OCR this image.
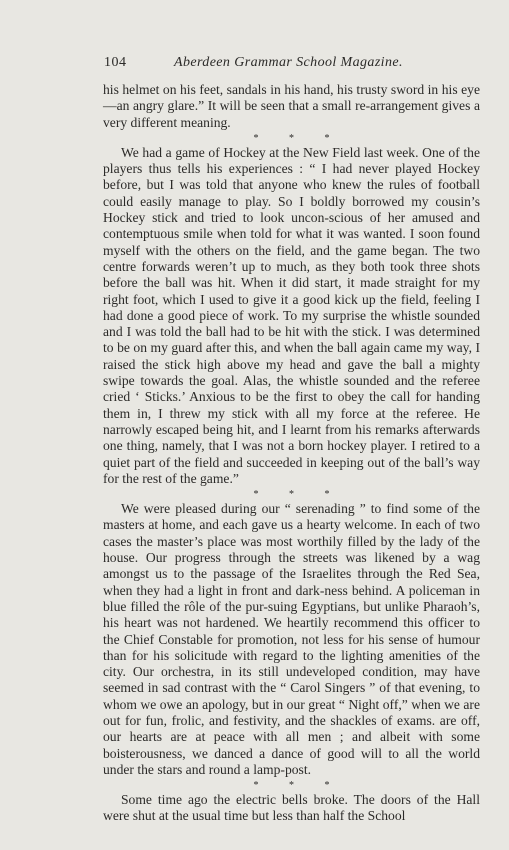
104	Aberdeen Grammar School Magazine.

his helmet on his feet, sandals in his hand, his trusty sword in his eye—an angry glare.” It will be seen that a small re-arrangement gives a very different meaning.

* * *

We had a game of Hockey at the New Field last week. One of the players thus tells his experiences : “ I had never played Hockey before, but I was told that anyone who knew the rules of football could easily manage to play. So I boldly borrowed my cousin’s Hockey stick and tried to look uncon-scious of her amused and contemptuous smile when told for what it was wanted. I soon found myself with the others on the field, and the game began. The two centre forwards weren’t up to much, as they both took three shots before the ball was hit. When it did start, it made straight for my right foot, which I used to give it a good kick up the field, feeling I had done a good piece of work. To my surprise the whistle sounded and I was told the ball had to be hit with the stick. I was determined to be on my guard after this, and when the ball again came my way, I raised the stick high above my head and gave the ball a mighty swipe towards the goal. Alas, the whistle sounded and the referee cried ‘ Sticks.’ Anxious to be the first to obey the call for handing them in, I threw my stick with all my force at the referee. He narrowly escaped being hit, and I learnt from his remarks afterwards one thing, namely, that I was not a born hockey player. I retired to a quiet part of the field and succeeded in keeping out of the ball’s way for the rest of the game.”

* * *

We were pleased during our “ serenading ” to find some of the masters at home, and each gave us a hearty welcome. In each of two cases the master’s place was most worthily filled by the lady of the house. Our progress through the streets was likened by a wag amongst us to the passage of the Israelites through the Red Sea, when they had a light in front and dark-ness behind. A policeman in blue filled the rôle of the pur-suing Egyptians, but unlike Pharaoh’s, his heart was not hardened. We heartily recommend this officer to the Chief Constable for promotion, not less for his sense of humour than for his solicitude with regard to the lighting amenities of the city. Our orchestra, in its still undeveloped condition, may have seemed in sad contrast with the “ Carol Singers ” of that evening, to whom we owe an apology, but in our great “ Night off,” when we are out for fun, frolic, and festivity, and the shackles of exams. are off, our hearts are at peace with all men ; and albeit with some boisterousness, we danced a dance of good will to all the world under the stars and round a lamp-post.

* * *

Some time ago the electric bells broke. The doors of the Hall were shut at the usual time but less than half the School
